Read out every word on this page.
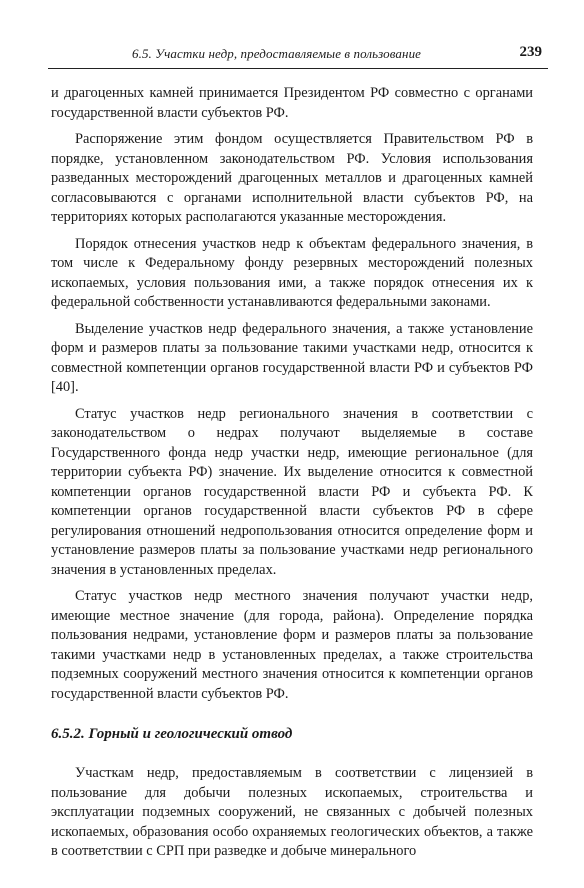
6.5. Участки недр, предоставляемые в пользование	239

и драгоценных камней принимается Президентом РФ совместно с органами государственной власти субъектов РФ.

Распоряжение этим фондом осуществляется Правительством РФ в порядке, установленном законодательством РФ. Условия использования разведанных месторождений драгоценных металлов и драгоценных камней согласовываются с органами исполнительной власти субъектов РФ, на территориях которых располагаются указанные месторождения.

Порядок отнесения участков недр к объектам федерального значения, в том числе к Федеральному фонду резервных месторождений полезных ископаемых, условия пользования ими, а также порядок отнесения их к федеральной собственности устанавливаются федеральными законами.

Выделение участков недр федерального значения, а также установление форм и размеров платы за пользование такими участками недр, относится к совместной компетенции органов государственной власти РФ и субъектов РФ [40].

Статус участков недр регионального значения в соответствии с законодательством о недрах получают выделяемые в составе Государственного фонда недр участки недр, имеющие региональное (для территории субъекта РФ) значение. Их выделение относится к совместной компетенции органов государственной власти РФ и субъекта РФ. К компетенции органов государственной власти субъектов РФ в сфере регулирования отношений недропользования относится определение форм и установление размеров платы за пользование участками недр регионального значения в установленных пределах.

Статус участков недр местного значения получают участки недр, имеющие местное значение (для города, района). Определение порядка пользования недрами, установление форм и размеров платы за пользование такими участками недр в установленных пределах, а также строительства подземных сооружений местного значения относится к компетенции органов государственной власти субъектов РФ.

6.5.2. Горный и геологический отвод

Участкам недр, предоставляемым в соответствии с лицензией в пользование для добычи полезных ископаемых, строительства и эксплуатации подземных сооружений, не связанных с добычей полезных ископаемых, образования особо охраняемых геологических объектов, а также в соответствии с СРП при разведке и добыче минерального
